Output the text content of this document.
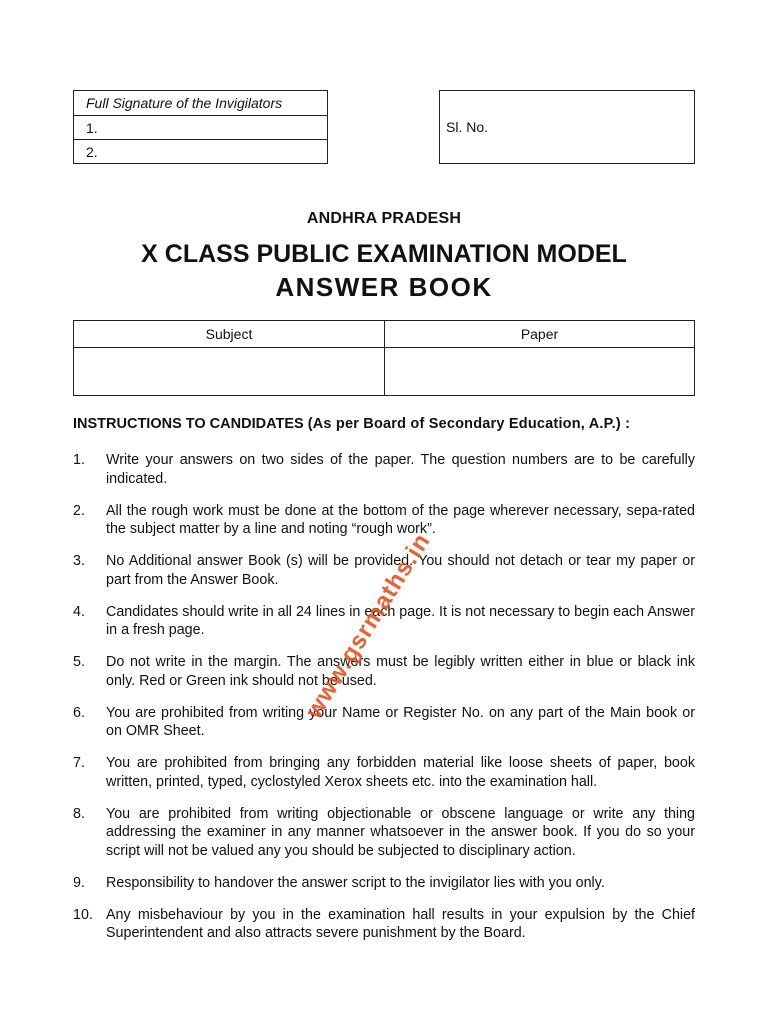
Full Signature of the Invigilators
1.
2.
Sl. No.
ANDHRA PRADESH
X CLASS PUBLIC EXAMINATION MODEL
ANSWER BOOK
Subject	Paper
INSTRUCTIONS TO CANDIDATES (As per Board of Secondary Education, A.P.) :
1.	Write your answers on two sides of the paper. The question numbers are to be carefully indicated.
2.	All the rough work must be done at the bottom of the page wherever necessary, sepa-rated the subject matter by a line and noting “rough work”.
3.	No Additional answer Book (s) will be provided. You should not detach or tear my paper or part from the Answer Book.
4.	Candidates should write in all 24 lines in each page. It is not necessary to begin each Answer in a fresh page.
5.	Do not write in the margin. The answers must be legibly written either in blue or black ink only. Red or Green ink should not be used.
6.	You are prohibited from writing your Name or Register No. on any part of the Main book or on OMR Sheet.
7.	You are prohibited from bringing any forbidden material like loose sheets of paper, book written, printed, typed, cyclostyled Xerox sheets etc. into the examination hall.
8.	You are prohibited from writing objectionable or obscene language or write any thing addressing the examiner in any manner whatsoever in the answer book. If you do so your script will not be valued any you should be subjected to disciplinary action.
9.	Responsibility to handover the answer script to the invigilator lies with you only.
10. Any misbehaviour by you in the examination hall results in your expulsion by the Chief Superintendent and also attracts severe punishment by the Board.
www.gsrmaths.in
